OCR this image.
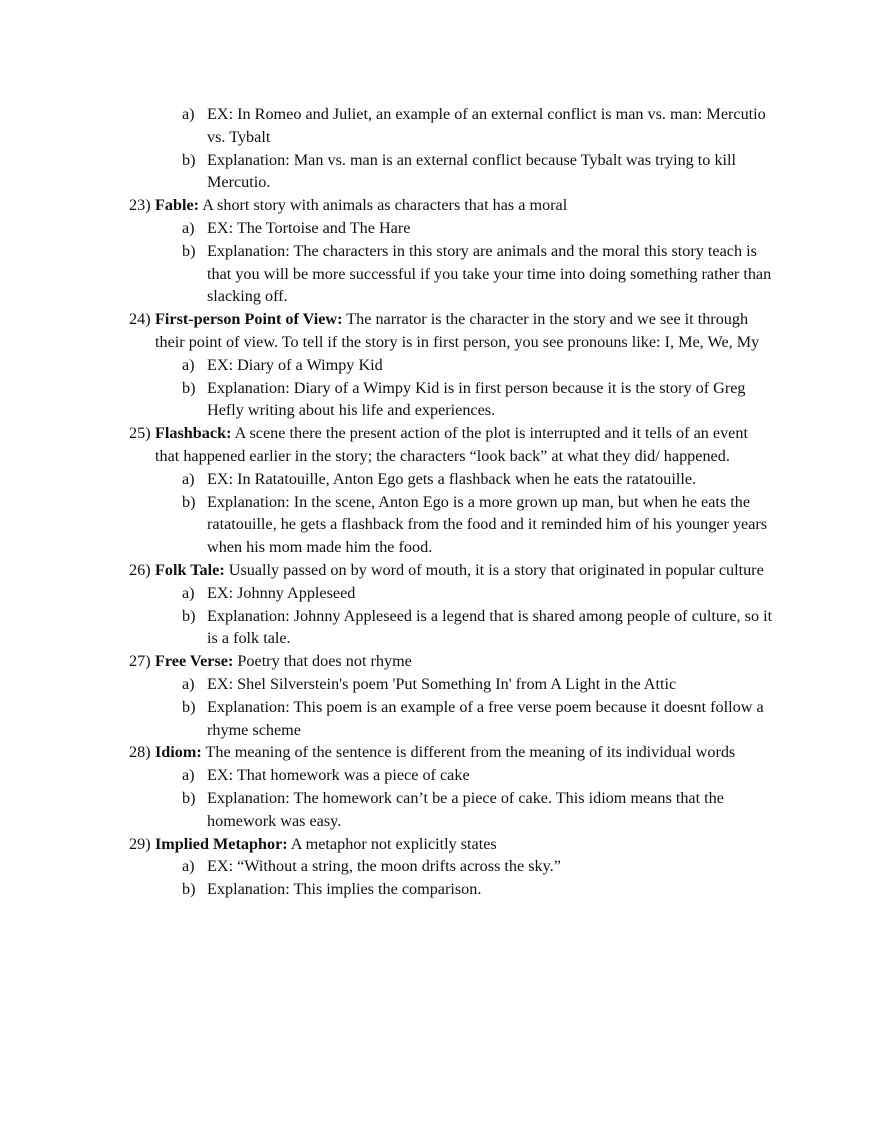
a) EX: In Romeo and Juliet, an example of an external conflict is man vs. man: Mercutio vs. Tybalt

b) Explanation: Man vs. man is an external conflict because Tybalt was trying to kill Mercutio.

23) Fable: A short story with animals as characters that has a moral

a) EX: The Tortoise and The Hare

b) Explanation: The characters in this story are animals and the moral this story teach is that you will be more successful if you take your time into doing something rather than slacking off.

24) First-person Point of View: The narrator is the character in the story and we see it through their point of view. To tell if the story is in first person, you see pronouns like: I, Me, We, My

a) EX: Diary of a Wimpy Kid

b) Explanation: Diary of a Wimpy Kid is in first person because it is the story of Greg Hefly writing about his life and experiences.

25) Flashback: A scene there the present action of the plot is interrupted and it tells of an event that happened earlier in the story; the characters “look back” at what they did/ happened.

a) EX: In Ratatouille, Anton Ego gets a flashback when he eats the ratatouille.

b) Explanation: In the scene, Anton Ego is a more grown up man, but when he eats the ratatouille, he gets a flashback from the food and it reminded him of his younger years when his mom made him the food.

26) Folk Tale: Usually passed on by word of mouth, it is a story that originated in popular culture

a) EX: Johnny Appleseed

b) Explanation: Johnny Appleseed is a legend that is shared among people of culture, so it is a folk tale.

27) Free Verse: Poetry that does not rhyme

a) EX: Shel Silverstein's poem 'Put Something In' from A Light in the Attic

b) Explanation: This poem is an example of a free verse poem because it doesnt follow a rhyme scheme

28) Idiom: The meaning of the sentence is different from the meaning of its individual words

a) EX: That homework was a piece of cake

b) Explanation: The homework can’t be a piece of cake. This idiom means that the homework was easy.

29) Implied Metaphor: A metaphor not explicitly states

a) EX: “Without a string, the moon drifts across the sky.”

b) Explanation: This implies the comparison.
